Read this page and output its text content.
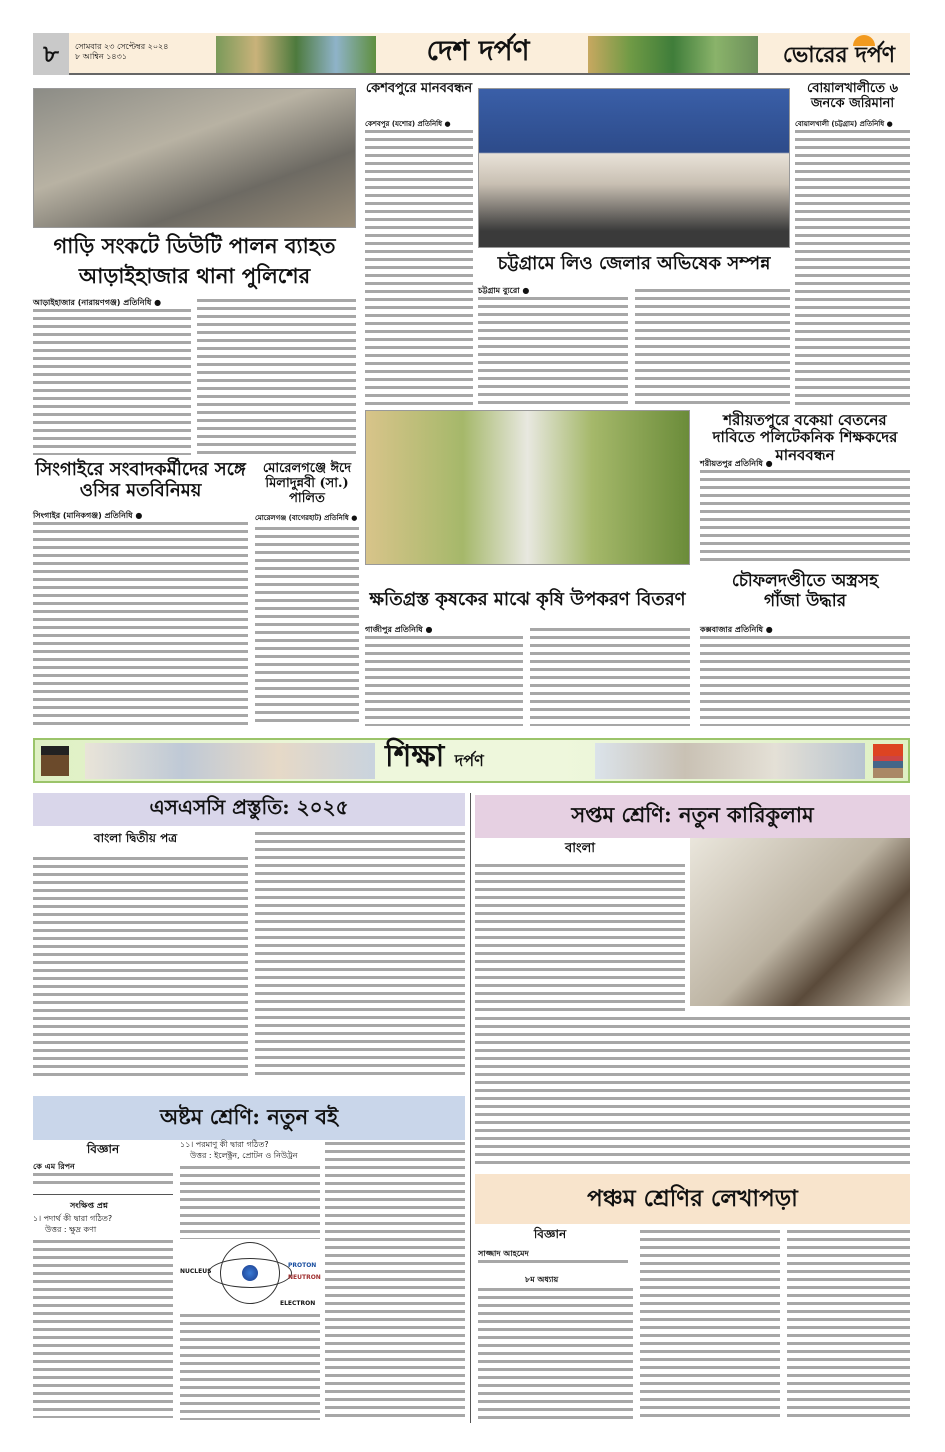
৮	সোমবার ২৩ সেপ্টেম্বর ২০২৪
৮ আশ্বিন ১৪৩১	দেশ দর্পণ	ভোরের দর্পণ
গাড়ি সংকটে ডিউটি পালন ব্যাহত
আড়াইহাজার থানা পুলিশের
আড়াইহাজার (নারায়ণগঞ্জ) প্রতিনিধি ●
সিংগাইরে সংবাদকর্মীদের সঙ্গে ওসির মতবিনিময়
সিংগাইর (মানিকগঞ্জ) প্রতিনিধি ●
মোরেলগঞ্জে ঈদে মিলাদুন্নবী (সা.) পালিত
মোরেলগঞ্জ (বাগেরহাট) প্রতিনিধি ●
কেশবপুরে মানববন্ধন
কেশবপুর (যশোর) প্রতিনিধি ●
চট্টগ্রামে লিও জেলার অভিষেক সম্পন্ন
চট্টগ্রাম ব্যুরো ●
বোয়ালখালীতে ৬ জনকে জরিমানা
বোয়ালখালী (চট্টগ্রাম) প্রতিনিধি ●
ক্ষতিগ্রস্ত কৃষকের মাঝে কৃষি উপকরণ বিতরণ
গাজীপুর প্রতিনিধি ●
শরীয়তপুরে বকেয়া বেতনের দাবিতে পলিটেকনিক শিক্ষকদের মানববন্ধন
শরীয়তপুর প্রতিনিধি ●
চৌফলদণ্ডীতে অস্ত্রসহ গাঁজা উদ্ধার
কক্সবাজার প্রতিনিধি ●
শিক্ষা দর্পণ
এসএসসি প্রস্তুতি: ২০২৫
বাংলা দ্বিতীয় পত্র
সপ্তম শ্রেণি: নতুন কারিকুলাম
বাংলা
অষ্টম শ্রেণি: নতুন বই
বিজ্ঞান
কে এম রিপন
সংক্ষিপ্ত প্রশ্ন
১। পদার্থ কী দ্বারা গঠিত?
উত্তর : ক্ষুদ্র কণা
১১। পরমাণু কী দ্বারা গঠিত?
উত্তর : ইলেক্ট্রন, প্রোটন ও নিউট্রন
NUCLEUS
PROTON
NEUTRON
ELECTRON
পঞ্চম শ্রেণির লেখাপড়া
বিজ্ঞান
সাজ্জাদ আহমেদ
৮ম অধ্যায়
